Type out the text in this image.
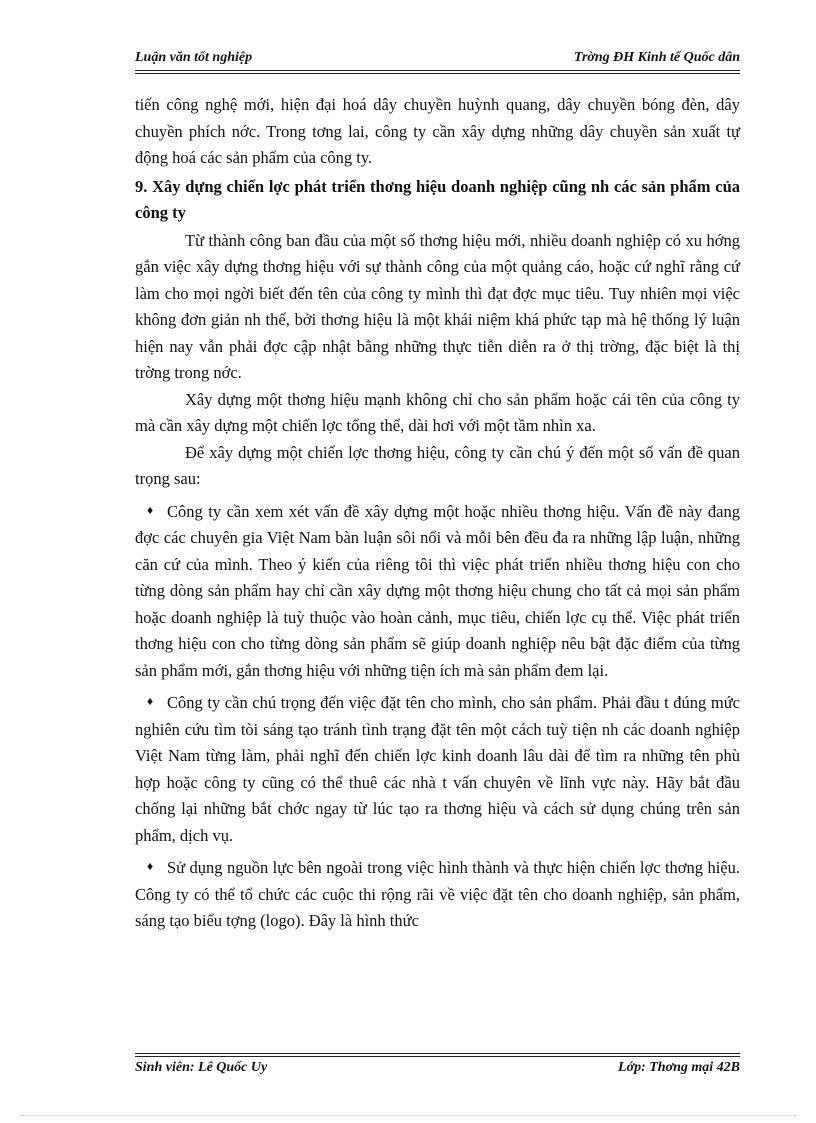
Luận văn tốt nghiệp	Trờng ĐH Kinh tế Quốc dân

tiến công nghệ mới, hiện đại hoá dây chuyền huỳnh quang, dây chuyền bóng đèn, dây chuyền phích nớc. Trong tơng lai, công ty cần xây dựng những dây chuyền sản xuất tự động hoá các sản phẩm của công ty.

9. Xây dựng chiến lợc phát triển thơng hiệu doanh nghiệp cũng nh các sản phẩm của công ty

Từ thành công ban đầu của một số thơng hiệu mới, nhiều doanh nghiệp có xu hớng gắn việc xây dựng thơng hiệu với sự thành công của một quảng cáo, hoặc cứ nghĩ rằng cứ làm cho mọi ngời biết đến tên của công ty mình thì đạt đợc mục tiêu. Tuy nhiên mọi việc không đơn giản nh thế, bởi thơng hiệu là một khái niệm khá phức tạp mà hệ thống lý luận hiện nay vẫn phải đợc cập nhật bằng những thực tiễn diễn ra ở thị trờng, đặc biệt là thị trờng trong nớc.

Xây dựng một thơng hiệu mạnh không chỉ cho sản phẩm hoặc cái tên của công ty mà cần xây dựng một chiến lợc tổng thể, dài hơi với một tầm nhìn xa.

Để xây dựng một chiến lợc thơng hiệu, công ty cần chú ý đến một số vấn đề quan trọng sau:

♦ Công ty cần xem xét vấn đề xây dựng một hoặc nhiều thơng hiệu. Vấn đề này đang đợc các chuyên gia Việt Nam bàn luận sôi nổi và mỗi bên đều đa ra những lập luận, những căn cứ của mình. Theo ý kiến của riêng tôi thì việc phát triển nhiều thơng hiệu con cho từng dòng sản phẩm hay chỉ cần xây dựng một thơng hiệu chung cho tất cả mọi sản phẩm hoặc doanh nghiệp là tuỳ thuộc vào hoàn cảnh, mục tiêu, chiến lợc cụ thể. Việc phát triển thơng hiệu con cho từng dòng sản phẩm sẽ giúp doanh nghiệp nêu bật đặc điểm của từng sản phẩm mới, gắn thơng hiệu với những tiện ích mà sản phẩm đem lại.

♦ Công ty cần chú trọng đến việc đặt tên cho mình, cho sản phẩm. Phải đầu t đúng mức nghiên cứu tìm tòi sáng tạo tránh tình trạng đặt tên một cách tuỳ tiện nh các doanh nghiệp Việt Nam từng làm, phải nghĩ đến chiến lợc kinh doanh lâu dài để tìm ra những tên phù hợp hoặc công ty cũng có thể thuê các nhà t vấn chuyên về lĩnh vực này. Hãy bắt đầu chống lại những bắt chớc ngay từ lúc tạo ra thơng hiệu và cách sử dụng chúng trên sản phẩm, dịch vụ.

♦ Sử dụng nguồn lực bên ngoài trong việc hình thành và thực hiện chiến lợc thơng hiệu. Công ty có thể tổ chức các cuộc thi rộng rãi về việc đặt tên cho doanh nghiệp, sản phẩm, sáng tạo biểu tợng (logo). Đây là hình thức

Sinh viên: Lê Quốc Uy	Lớp: Thơng mại 42B
